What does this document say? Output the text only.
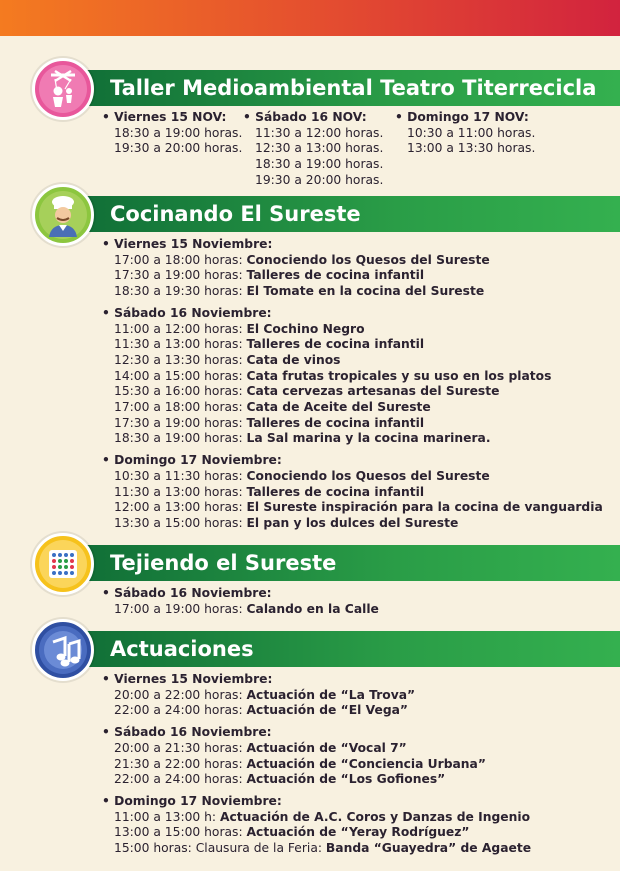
Taller Medioambiental Teatro Titerrecicla
• Viernes 15 NOV:
18:30 a 19:00 horas.
19:30 a 20:00 horas.
• Sábado 16 NOV:
11:30 a 12:00 horas.
12:30 a 13:00 horas.
18:30 a 19:00 horas.
19:30 a 20:00 horas.
• Domingo 17 NOV:
10:30 a 11:00 horas.
13:00 a 13:30 horas.
Cocinando El Sureste
• Viernes 15 Noviembre:
17:00 a 18:00 horas: Conociendo los Quesos del Sureste
17:30 a 19:00 horas: Talleres de cocina infantil
18:30 a 19:30 horas: El Tomate en la cocina del Sureste
• Sábado 16 Noviembre:
11:00 a 12:00 horas: El Cochino Negro
11:30 a 13:00 horas: Talleres de cocina infantil
12:30 a 13:30 horas: Cata de vinos
14:00 a 15:00 horas: Cata frutas tropicales y su uso en los platos
15:30 a 16:00 horas: Cata cervezas artesanas del Sureste
17:00 a 18:00 horas: Cata de Aceite del Sureste
17:30 a 19:00 horas: Talleres de cocina infantil
18:30 a 19:00 horas: La Sal marina y la cocina marinera.
• Domingo 17 Noviembre:
10:30 a 11:30 horas: Conociendo los Quesos del Sureste
11:30 a 13:00 horas: Talleres de cocina infantil
12:00 a 13:00 horas: El Sureste inspiración para la cocina de vanguardia
13:30 a 15:00 horas: El pan y los dulces del Sureste
Tejiendo el Sureste
• Sábado 16 Noviembre:
17:00 a 19:00 horas: Calando en la Calle
Actuaciones
• Viernes 15 Noviembre:
20:00 a 22:00 horas: Actuación de “La Trova”
22:00 a 24:00 horas: Actuación de “El Vega”
• Sábado 16 Noviembre:
20:00 a 21:30 horas: Actuación de “Vocal 7”
21:30 a 22:00 horas: Actuación de “Conciencia Urbana”
22:00 a 24:00 horas: Actuación de “Los Gofiones”
• Domingo 17 Noviembre:
11:00 a 13:00 h: Actuación de A.C. Coros y Danzas de Ingenio
13:00 a 15:00 horas: Actuación de “Yeray Rodríguez”
15:00 horas: Clausura de la Feria: Banda “Guayedra” de Agaete
